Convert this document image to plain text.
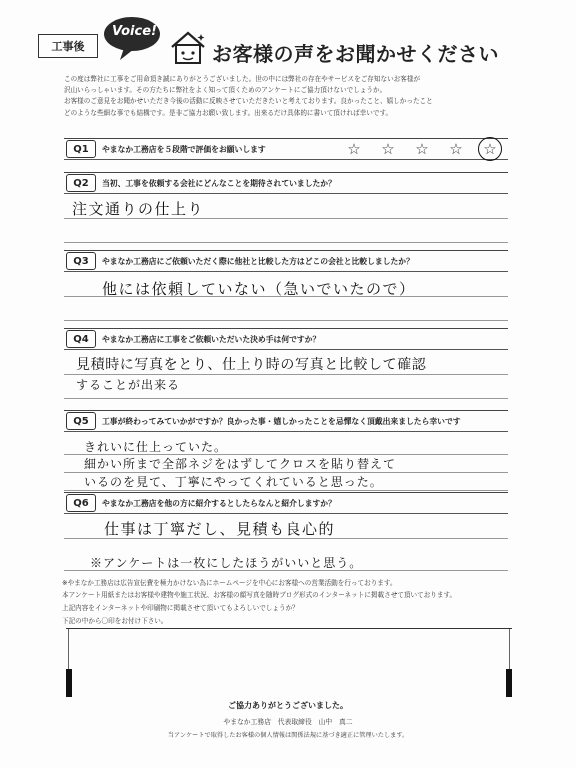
工事後
Voice!
お客様の声をお聞かせください
この度は弊社に工事をご用命頂き誠にありがとうございました。世の中には弊社の存在やサービスをご存知ないお客様が
沢山いらっしゃいます。その方たちに弊社をよく知って頂くためのアンケートにご協力頂けないでしょうか。
お客様のご意見をお聞かせいただき今後の活動に反映させていただきたいと考えております。良かったこと、嬉しかったこと
どのような些細な事でも結構です。是非ご協力お願い致します。出来るだけ具体的に書いて頂ければ幸いです。
Q1	やまなか工務店を５段階で評価をお願いします	☆ ☆ ☆ ☆ ☆
Q2	当初、工事を依頼する会社にどんなことを期待されていましたか？
注文通りの仕上り
Q3	やまなか工務店にご依頼いただく際に他社と比較した方はどこの会社と比較しましたか？
他には依頼していない（急いでいたので）
Q4	やまなか工務店に工事をご依頼いただいた決め手は何ですか？
見積時に写真をとり、仕上り時の写真と比較して確認
することが出来る
Q5	工事が終わってみていかがですか？良かった事・嬉しかったことを忌憚なく頂戴出来ましたら幸いです
きれいに仕上っていた。
細かい所まで全部ネジをはずしてクロスを貼り替えて
いるのを見て、丁寧にやってくれていると思った。
Q6	やまなか工務店を他の方に紹介するとしたらなんと紹介しますか？
仕事は丁寧だし、見積も良心的
※アンケートは一枚にしたほうがいいと思う。
※やまなか工務店は広告宣伝費を極力かけない為にホームページを中心にお客様への営業活動を行っております。
本アンケート用紙またはお客様や建物や施工状況、お客様の顔写真を随時ブログ形式のインターネットに掲載させて頂いております。
上記内容をインターネットや印刷物に掲載させて頂いてもよろしいでしょうか？
下記の中から〇印をお付け下さい。
ご協力ありがとうございました。
やまなか工務店　代表取締役　山中　真二
当アンケートで取得したお客様の個人情報は関係法規に基づき適正に管理いたします。
